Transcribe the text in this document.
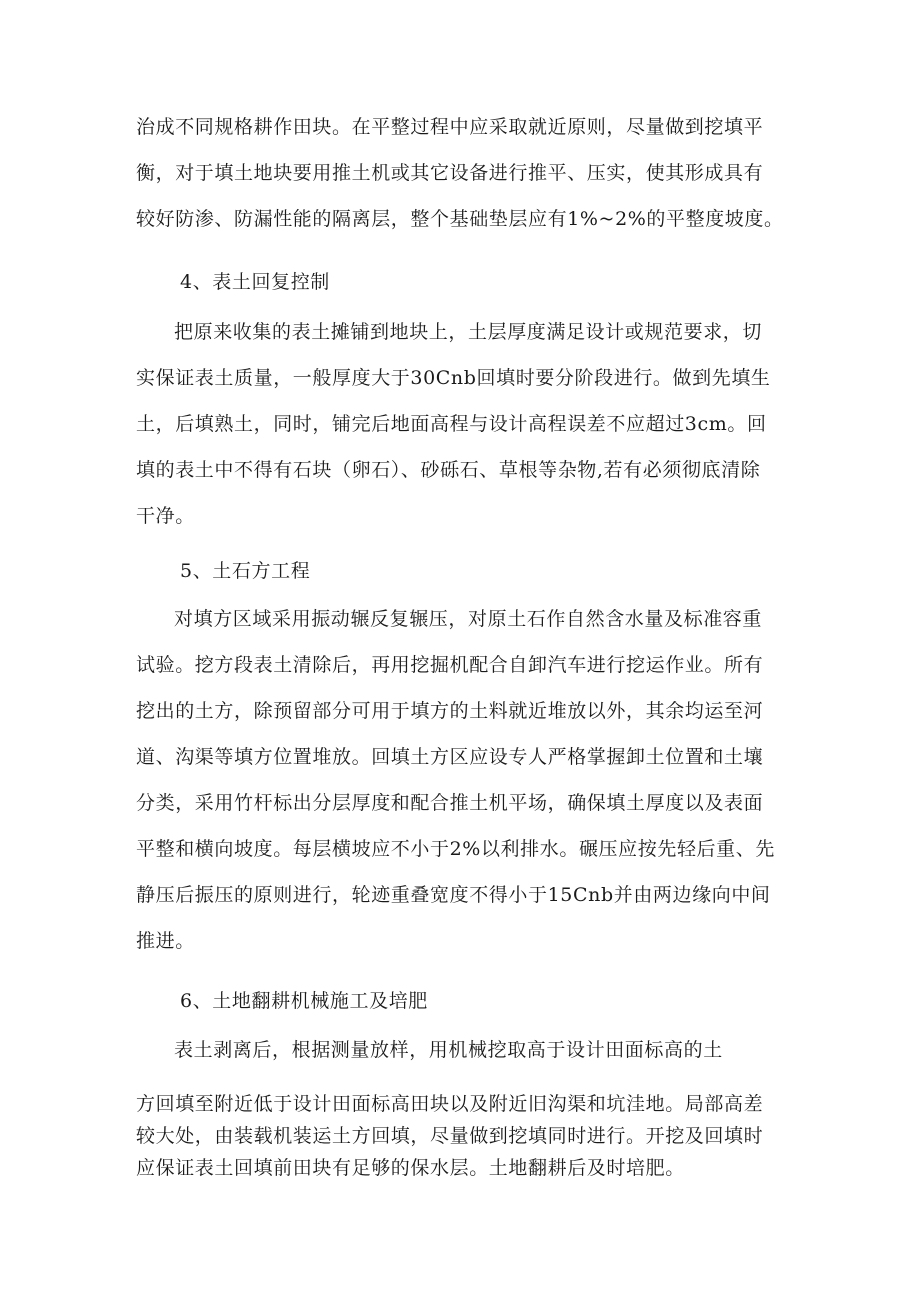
治成不同规格耕作田块。在平整过程中应采取就近原则，尽量做到挖填平
衡，对于填土地块要用推土机或其它设备进行推平、压实，使其形成具有
较好防渗、防漏性能的隔离层，整个基础垫层应有1%~2%的平整度坡度。
4、表土回复控制
把原来收集的表土摊铺到地块上，土层厚度满足设计或规范要求，切
实保证表土质量，一般厚度大于30Cnb回填时要分阶段进行。做到先填生
土，后填熟土，同时，铺完后地面高程与设计高程误差不应超过3cm。回
填的表土中不得有石块（卵石）、砂砾石、草根等杂物,若有必须彻底清除
干净。
5、土石方工程
对填方区域采用振动辗反复辗压，对原土石作自然含水量及标准容重
试验。挖方段表土清除后，再用挖掘机配合自卸汽车进行挖运作业。所有
挖出的土方，除预留部分可用于填方的土料就近堆放以外，其余均运至河
道、沟渠等填方位置堆放。回填土方区应设专人严格掌握卸土位置和土壤
分类，采用竹杆标出分层厚度和配合推土机平场，确保填土厚度以及表面
平整和横向坡度。每层横坡应不小于2%以利排水。碾压应按先轻后重、先
静压后振压的原则进行，轮迹重叠宽度不得小于15Cnb并由两边缘向中间
推进。
6、土地翻耕机械施工及培肥
表土剥离后，根据测量放样，用机械挖取高于设计田面标高的土
方回填至附近低于设计田面标高田块以及附近旧沟渠和坑洼地。局部高差
较大处，由装载机装运土方回填，尽量做到挖填同时进行。开挖及回填时
应保证表土回填前田块有足够的保水层。土地翻耕后及时培肥。
